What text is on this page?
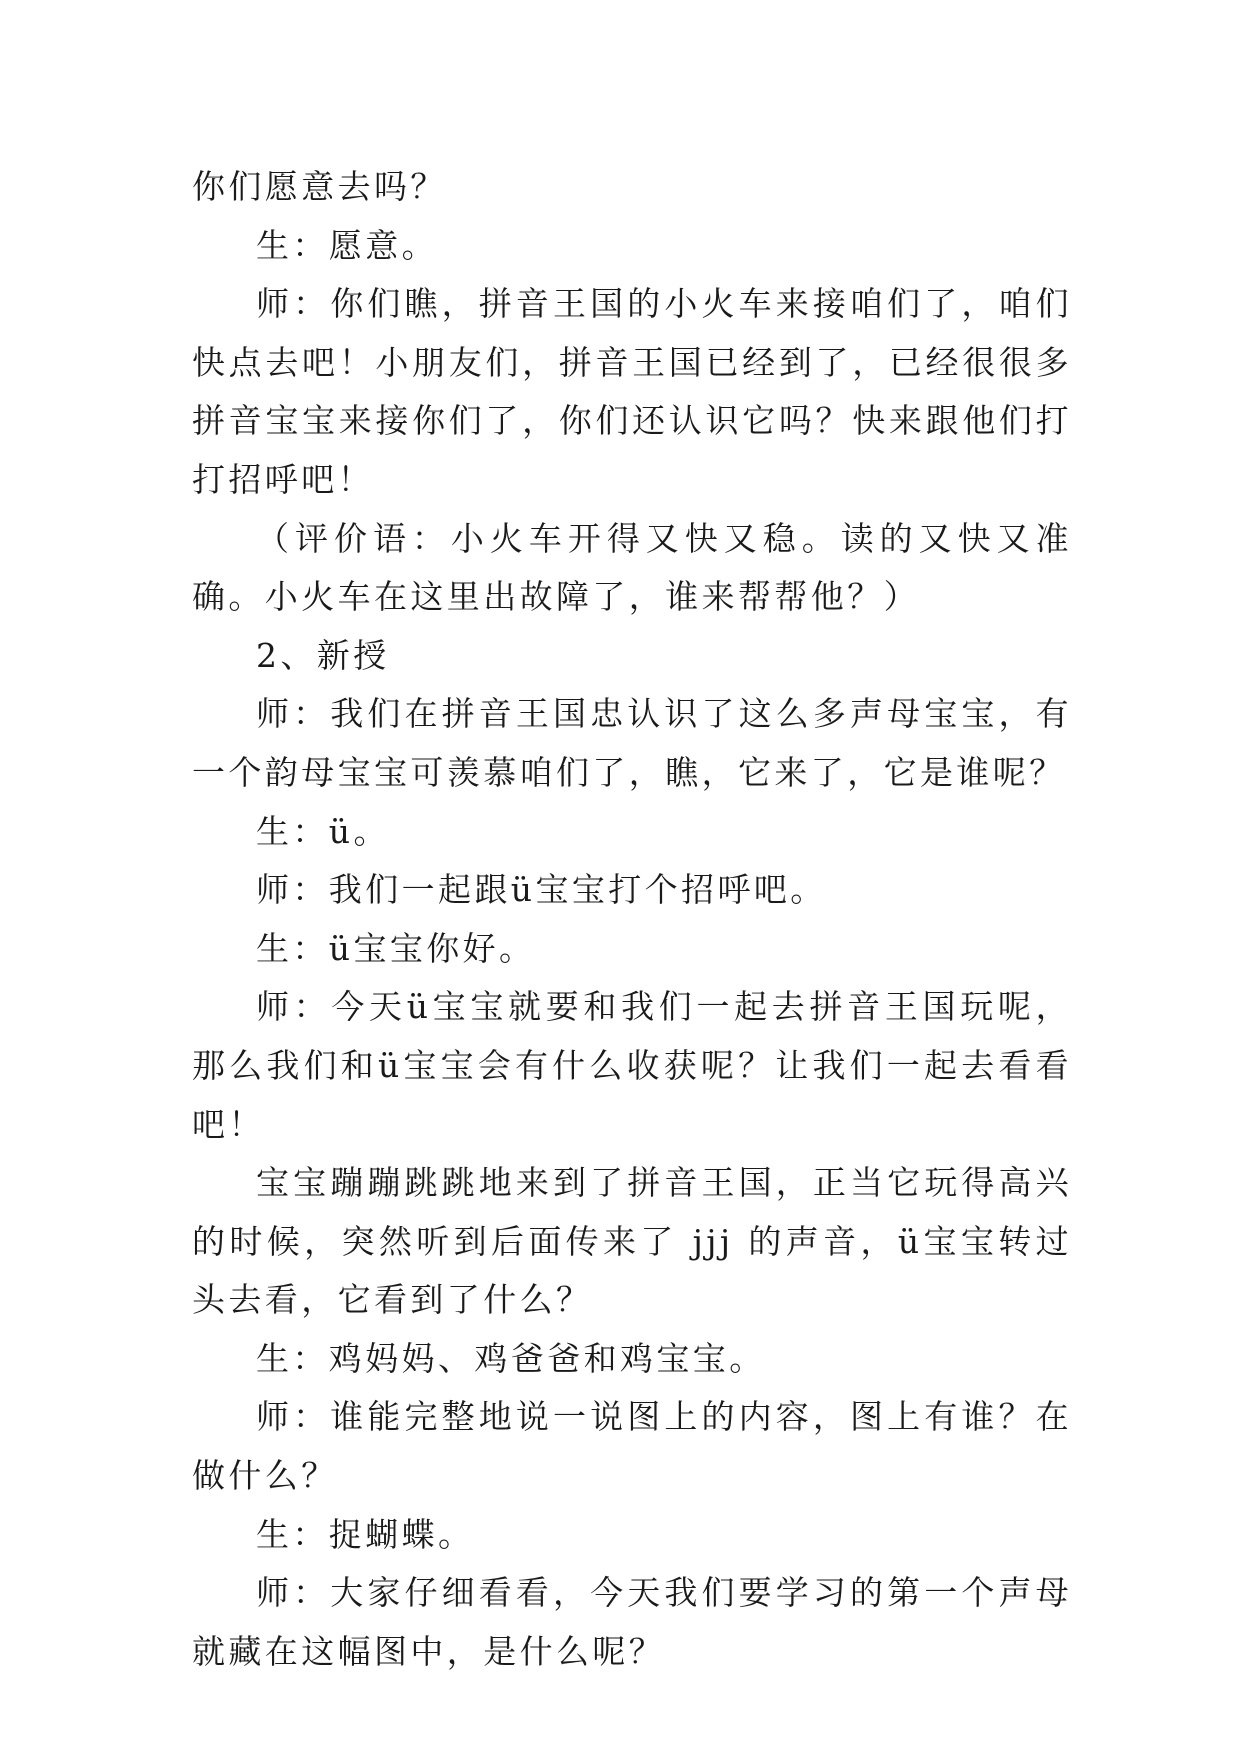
你们愿意去吗？

生：愿意。

师：你们瞧，拼音王国的小火车来接咱们了，咱们快点去吧！小朋友们，拼音王国已经到了，已经很很多拼音宝宝来接你们了，你们还认识它吗？快来跟他们打打招呼吧！

（评价语：小火车开得又快又稳。读的又快又准确。小火车在这里出故障了，谁来帮帮他？）

2、新授

师：我们在拼音王国忠认识了这么多声母宝宝，有一个韵母宝宝可羡慕咱们了，瞧，它来了，它是谁呢？

生：ü。

师：我们一起跟ü宝宝打个招呼吧。

生：ü宝宝你好。

师：今天ü宝宝就要和我们一起去拼音王国玩呢，那么我们和ü宝宝会有什么收获呢？让我们一起去看看吧！

宝宝蹦蹦跳跳地来到了拼音王国，正当它玩得高兴的时候，突然听到后面传来了 jjj 的声音，ü宝宝转过头去看，它看到了什么？

生：鸡妈妈、鸡爸爸和鸡宝宝。

师：谁能完整地说一说图上的内容，图上有谁？在做什么？

生：捉蝴蝶。

师：大家仔细看看，今天我们要学习的第一个声母就藏在这幅图中，是什么呢？
